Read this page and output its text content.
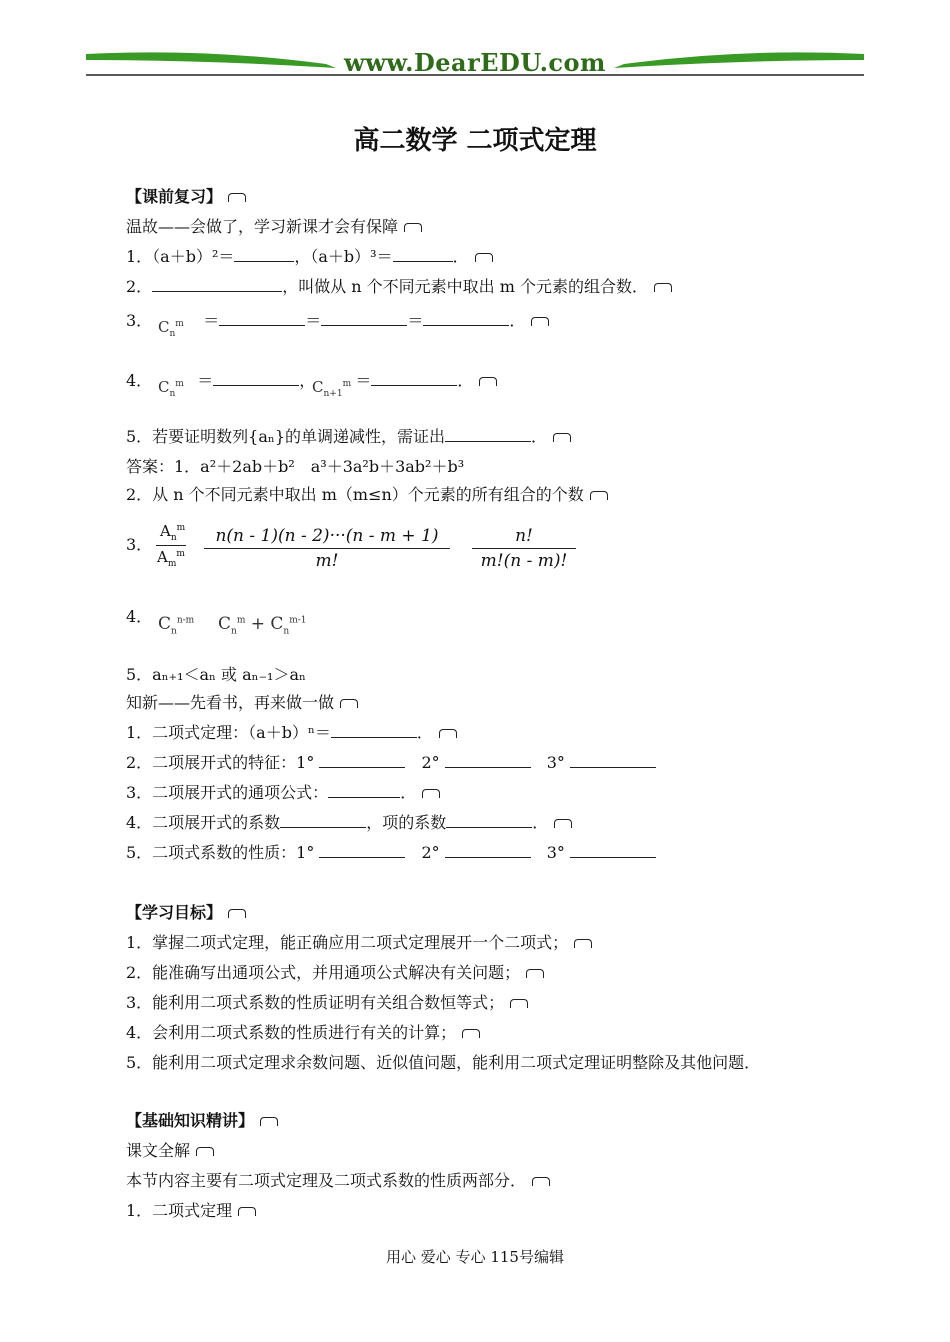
www.DearEDU.com
高二数学 二项式定理
【课前复习】
温故——会做了，学习新课才会有保障
1．（a＋b）²＝	，（a＋b）³＝	．
2．	，叫做从 n 个不同元素中取出 m 个元素的组合数．
3．	＝	＝	＝	．
$C_n^m$
4．	＝	，	＝	．
$C_n^m$	$C_{n+1}^m$
5．若要证明数列{aₙ}的单调递减性，需证出	．
答案：1．a²＋2ab＋b²　a³＋3a²b＋3ab²＋b³
2．从 n 个不同元素中取出 m（m≤n）个元素的所有组合的个数
3．
$A_n^m$
$A_m^m \frac{n(n - 1)(n - 2)\cdot\cdot\cdot(n - m + 1)}{m!} \frac{n!}{m!(n - m)!}$
4． $C_n^{n-m}$ $C_n^m + C_n^{m-1}$
5．aₙ₊₁＜aₙ 或 aₙ₋₁＞aₙ
知新——先看书，再来做一做
1．二项式定理：（a＋b）ⁿ＝	．
2．二项展开式的特征：1°	　2°	　3°
3．二项展开式的通项公式：	．
4．二项展开式的系数	，项的系数	．
5．二项式系数的性质：1°	　2°	　3°
【学习目标】
1．掌握二项式定理，能正确应用二项式定理展开一个二项式；
2．能准确写出通项公式，并用通项公式解决有关问题；
3．能利用二项式系数的性质证明有关组合数恒等式；
4．会利用二项式系数的性质进行有关的计算；
5．能利用二项式定理求余数问题、近似值问题，能利用二项式定理证明整除及其他问题．
【基础知识精讲】
课文全解
本节内容主要有二项式定理及二项式系数的性质两部分．
1．二项式定理
用心 爱心 专心 115号编辑
